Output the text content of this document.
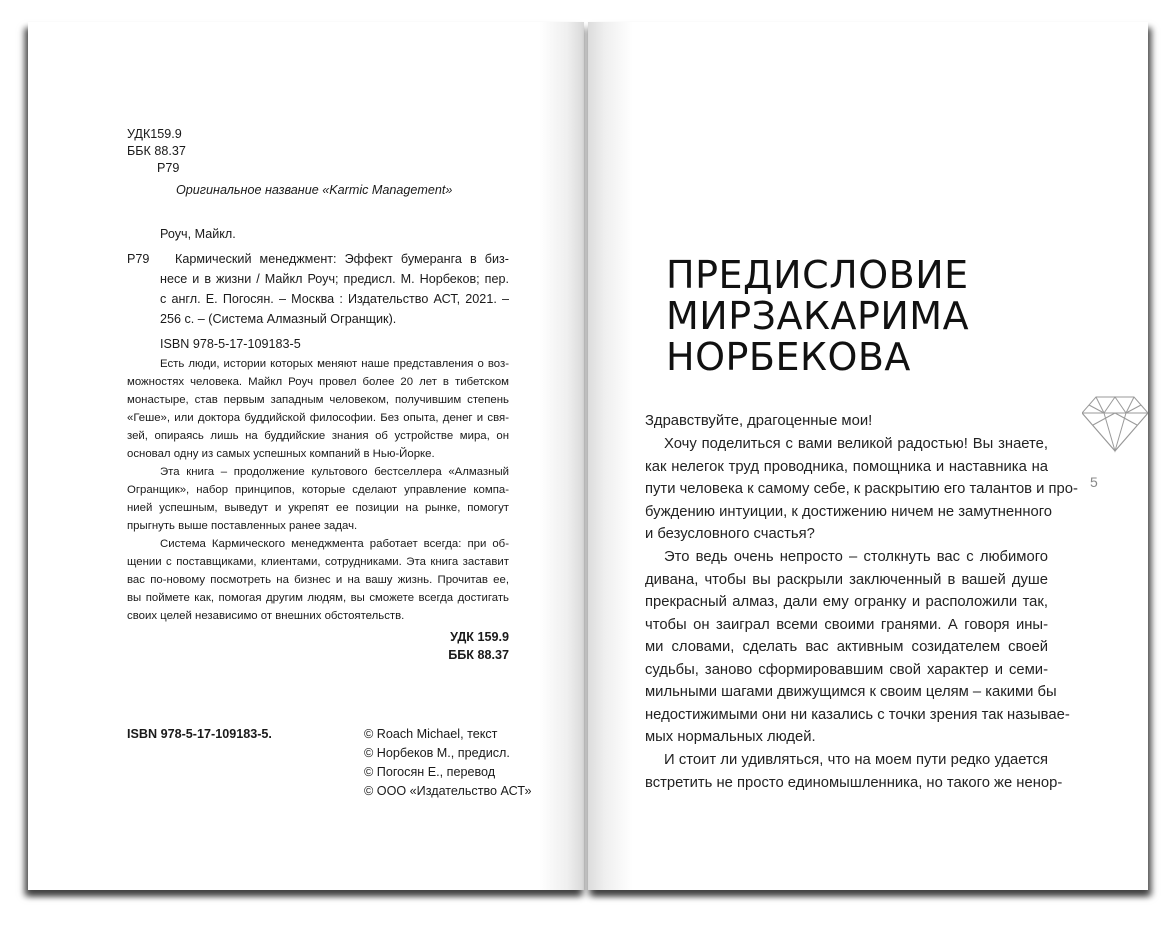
УДК159.9
ББК 88.37
Р79
Оригинальное название «Karmic Management»
Роуч, Майкл.
Р79 Кармический менеджмент: Эффект бумеранга в биз-
несе и в жизни / Майкл Роуч; предисл. М. Норбеков; пер.
с англ. Е. Погосян. – Москва : Издательство АСТ, 2021. –
256 с. – (Система Алмазный Огранщик).
ISBN 978-5-17-109183-5
Есть люди, истории которых меняют наше представления о воз-
можностях человека. Майкл Роуч провел более 20 лет в тибетском
монастыре, став первым западным человеком, получившим степень
«Геше», или доктора буддийской философии. Без опыта, денег и свя-
зей, опираясь лишь на буддийские знания об устройстве мира, он
основал одну из самых успешных компаний в Нью-Йорке.
Эта книга – продолжение культового бестселлера «Алмазный
Огранщик», набор принципов, которые сделают управление компа-
нией успешным, выведут и укрепят ее позиции на рынке, помогут
прыгнуть выше поставленных ранее задач.
Система Кармического менеджмента работает всегда: при об-
щении с поставщиками, клиентами, сотрудниками. Эта книга заставит
вас по-новому посмотреть на бизнес и на вашу жизнь. Прочитав ее,
вы поймете как, помогая другим людям, вы сможете всегда достигать
своих целей независимо от внешних обстоятельств.
УДК 159.9
ББК 88.37
ISBN 978-5-17-109183-5.	© Roach Michael, текст
© Норбеков М., предисл.
© Погосян Е., перевод
© ООО «Издательство АСТ»
ПРЕДИСЛОВИЕ
МИРЗАКАРИМА
НОРБЕКОВА
5
Здравствуйте, драгоценные мои!
Хочу поделиться с вами великой радостью! Вы знаете,
как нелегок труд проводника, помощника и наставника на
пути человека к самому себе, к раскрытию его талантов и про-
буждению интуиции, к достижению ничем не замутненного
и безусловного счастья?
Это ведь очень непросто – столкнуть вас с любимого
дивана, чтобы вы раскрыли заключенный в вашей душе
прекрасный алмаз, дали ему огранку и расположили так,
чтобы он заиграл всеми своими гранями. А говоря ины-
ми словами, сделать вас активным созидателем своей
судьбы, заново сформировавшим свой характер и семи-
мильными шагами движущимся к своим целям – какими бы
недостижимыми они ни казались с точки зрения так называе-
мых нормальных людей.
И стоит ли удивляться, что на моем пути редко удается
встретить не просто единомышленника, но такого же ненор-
